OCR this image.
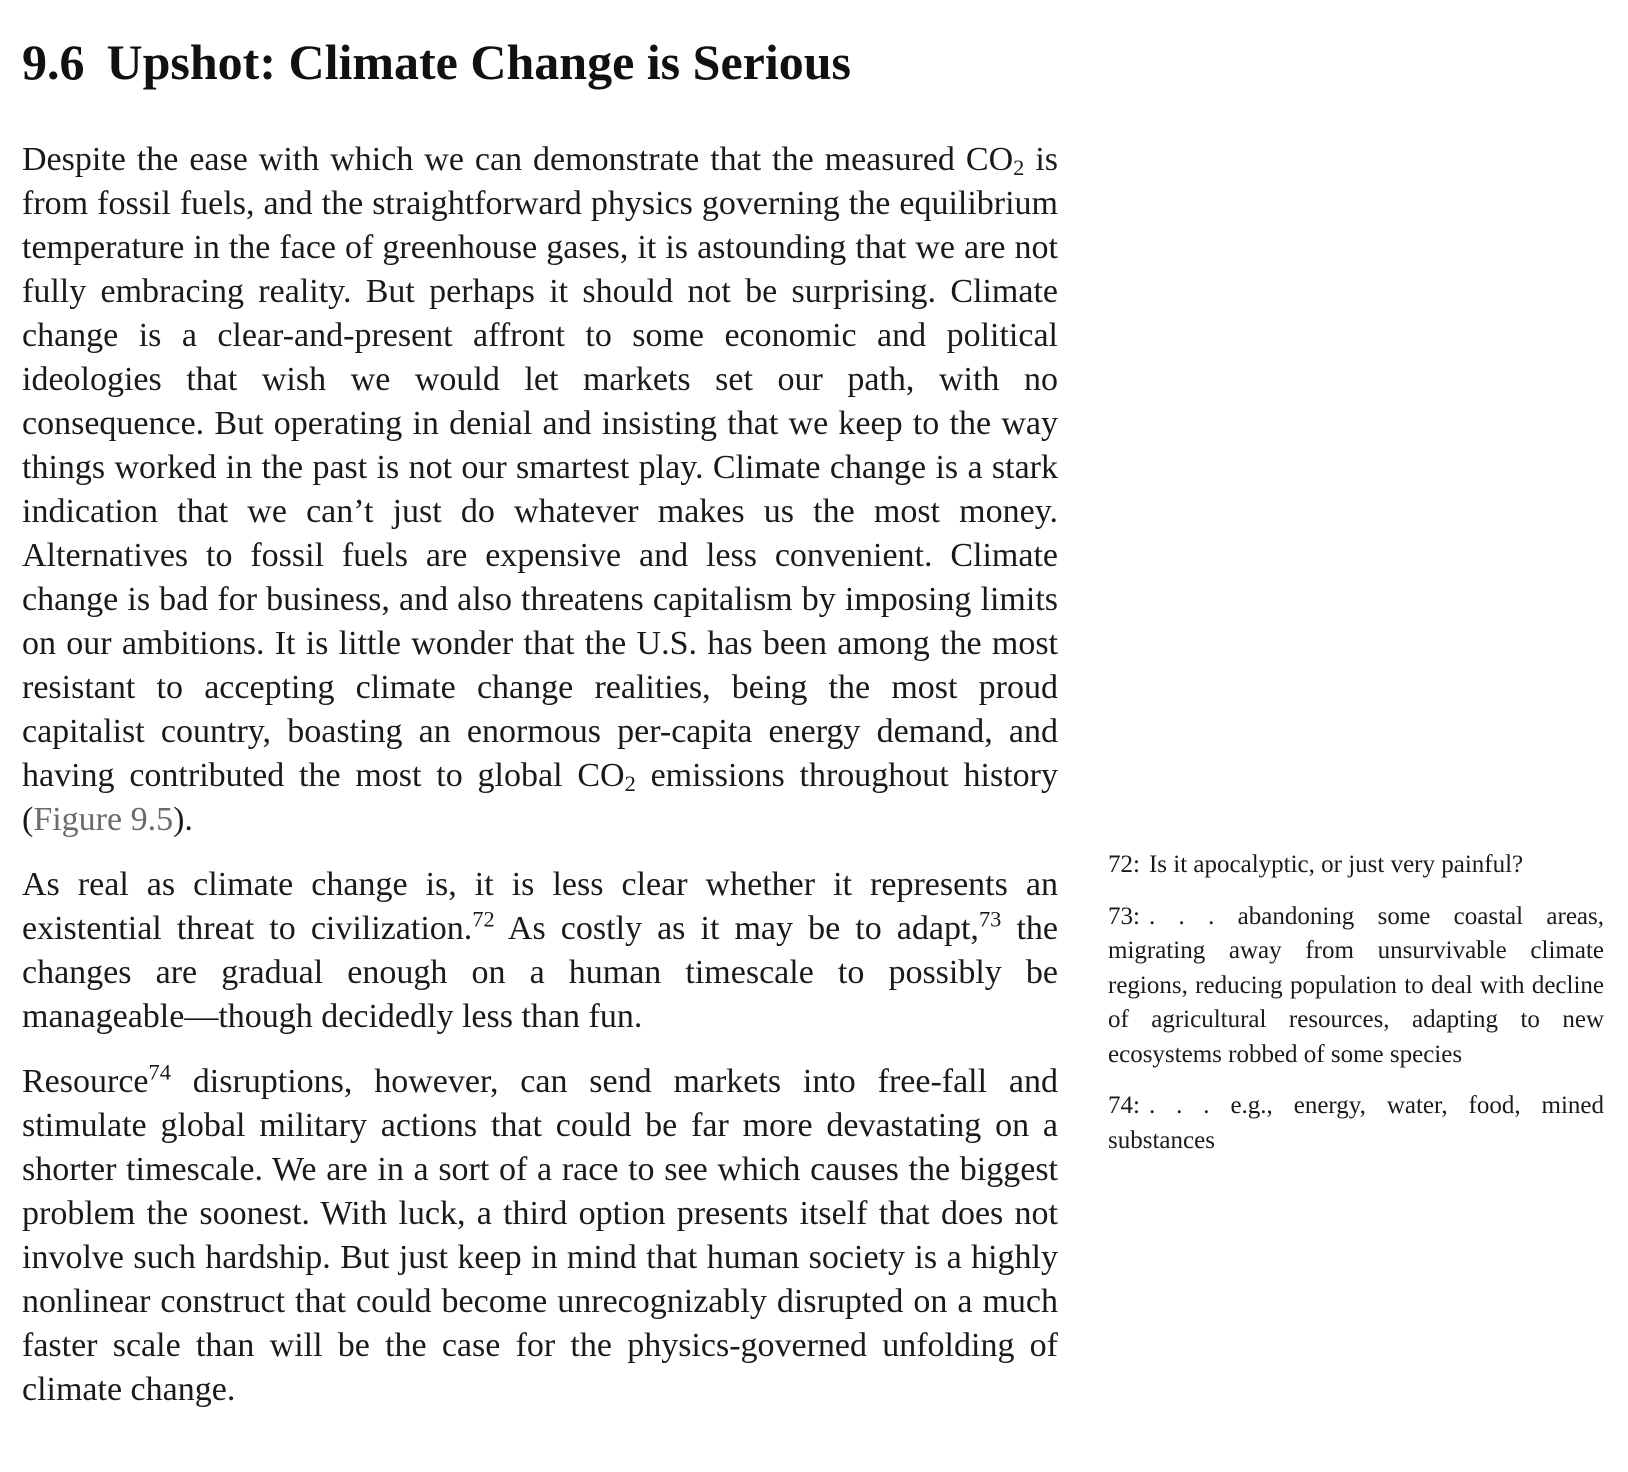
9.6 Upshot: Climate Change is Serious

Despite the ease with which we can demonstrate that the measured $CO_2$ is from fossil fuels, and the straightforward physics governing the equilibrium temperature in the face of greenhouse gases, it is astounding that we are not fully embracing reality. But perhaps it should not be surprising. Climate change is a clear-and-present affront to some economic and political ideologies that wish we would let markets set our path, with no consequence. But operating in denial and insisting that we keep to the way things worked in the past is not our smartest play. Climate change is a stark indication that we can’t just do whatever makes us the most money. Alternatives to fossil fuels are expensive and less convenient. Climate change is bad for business, and also threatens capitalism by imposing limits on our ambitions. It is little wonder that the U.S. has been among the most resistant to accepting climate change realities, being the most proud capitalist country, boasting an enormous per-capita energy demand, and having contributed the most to global $CO_2$ emissions throughout history (Figure 9.5).

As real as climate change is, it is less clear whether it represents an existential threat to civilization.$^{72}$ As costly as it may be to adapt,$^{73}$ the changes are gradual enough on a human timescale to possibly be manageable—though decidedly less than fun.

Resource$^{74}$ disruptions, however, can send markets into free-fall and stimulate global military actions that could be far more devastating on a shorter timescale. We are in a sort of a race to see which causes the biggest problem the soonest. With luck, a third option presents itself that does not involve such hardship. But just keep in mind that human society is a highly nonlinear construct that could become unrecognizably disrupted on a much faster scale than will be the case for the physics-governed unfolding of climate change.

72: Is it apocalyptic, or just very painful?

73: . . . abandoning some coastal areas, migrating away from unsurvivable climate regions, reducing population to deal with decline of agricultural resources, adapting to new ecosystems robbed of some species

74: . . . e.g., energy, water, food, mined substances
